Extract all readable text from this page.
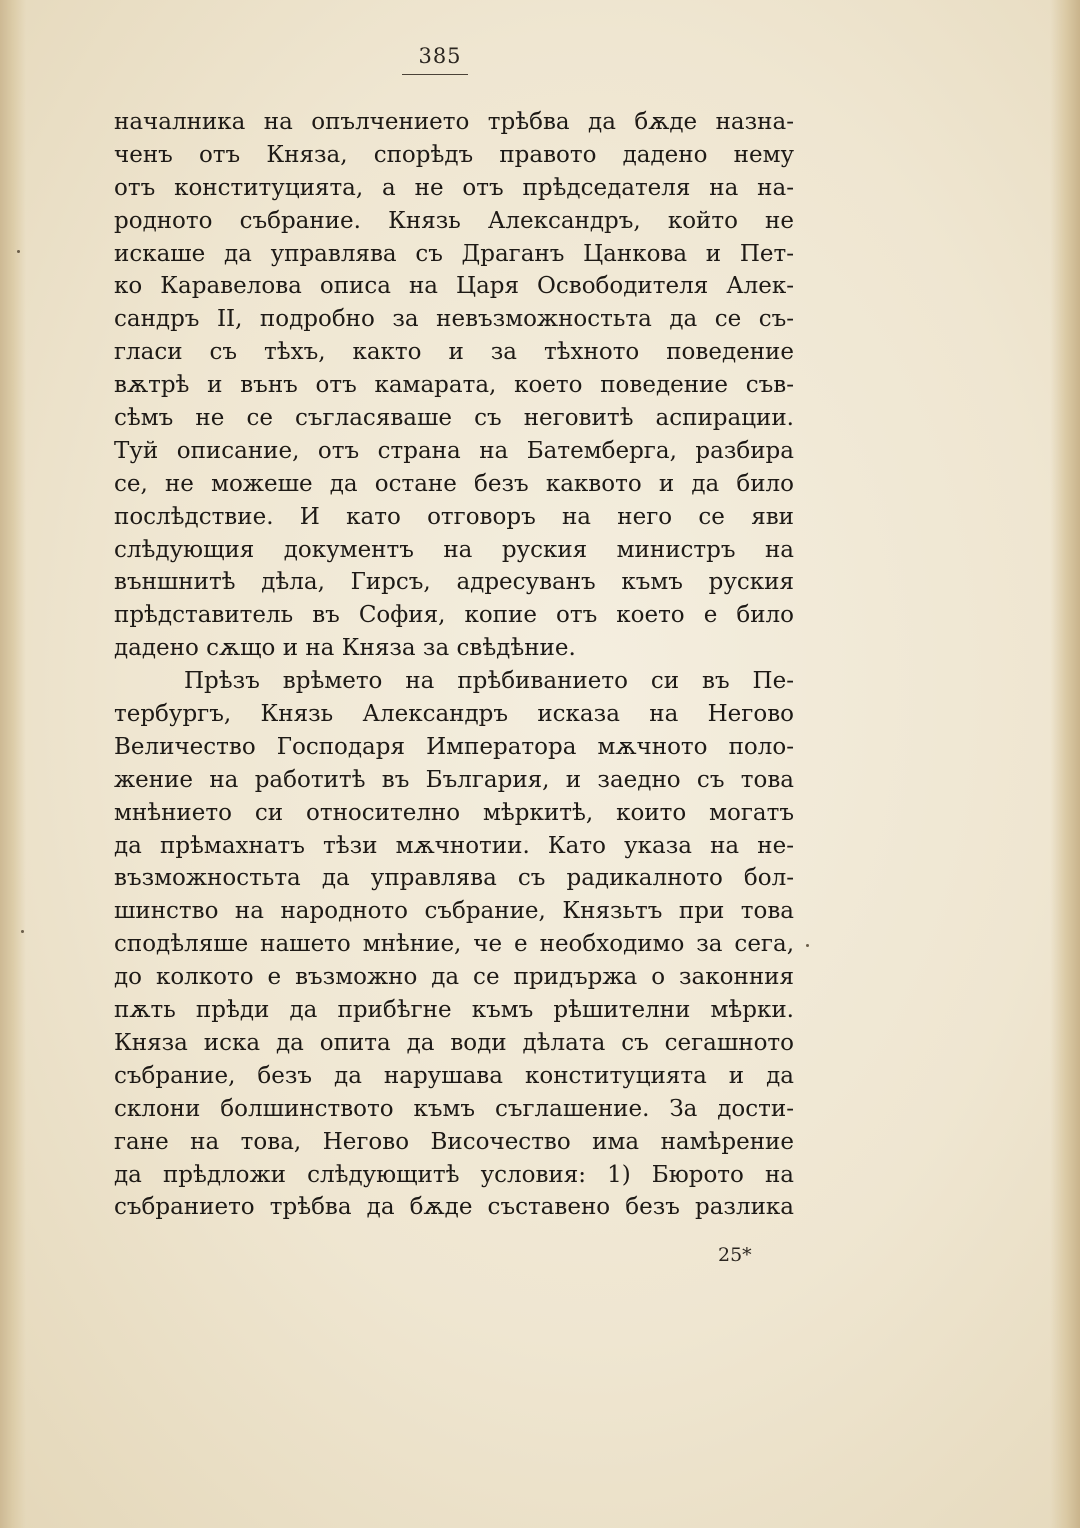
385
началника на опълчението трѣбва да бѫде назна-
ченъ отъ Князa, спорѣдъ правото дадено нему
отъ конституцията, а не отъ прѣдседателя на на-
родното събрание. Князь Александръ, който не
искаше да управлява съ Драганъ Цанкова и Пет-
ко Каравелова описа на Царя Освободителя Алек-
сандръ II, подробно за невъзможностьта да се съ-
гласи съ тѣхъ, както и за тѣхното поведение
вѫтрѣ и вънъ отъ камарата, което поведение съв-
сѣмъ не се съгласяваше съ неговитѣ аспирации.
Туй описание, отъ страна на Батемберга, разбира
се, не можеше да остане безъ каквото и да било
послѣдствие. И като отговоръ на него се яви
слѣдующия документъ на руския министръ на
външнитѣ дѣла, Гирсъ, адресуванъ къмъ руския
прѣдставитель въ София, копие отъ което е било
дадено сѫщо и на Князa за свѣдѣние.
Прѣзъ врѣмето на прѣбиванието си въ Пе-
тербургъ, Князь Александръ исказа на Негово
Величество Господаря Императора мѫчното поло-
жение на работитѣ въ България, и заедно съ това
мнѣнието си относително мѣркитѣ, които могатъ
да прѣмахнатъ тѣзи мѫчнотии. Като указа на не-
възможностьта да управлява съ радикалното бол-
шинство на народното събрание, Князьтъ при това
сподѣляше нашето мнѣние, че е необходимо за сега,
до колкото е възможно да се придържа о законния
пѫть прѣди да прибѣгне къмъ рѣшителни мѣрки.
Князa иска да опита да води дѣлата съ сегашното
събрание, безъ да нарушава конституцията и да
склони болшинството къмъ съглашение. За дости-
гане на това, Негово Височество има намѣрение
да прѣдложи слѣдующитѣ условия: 1) Бюрото на
събранието трѣбва да бѫде съставено безъ разлика
25*
